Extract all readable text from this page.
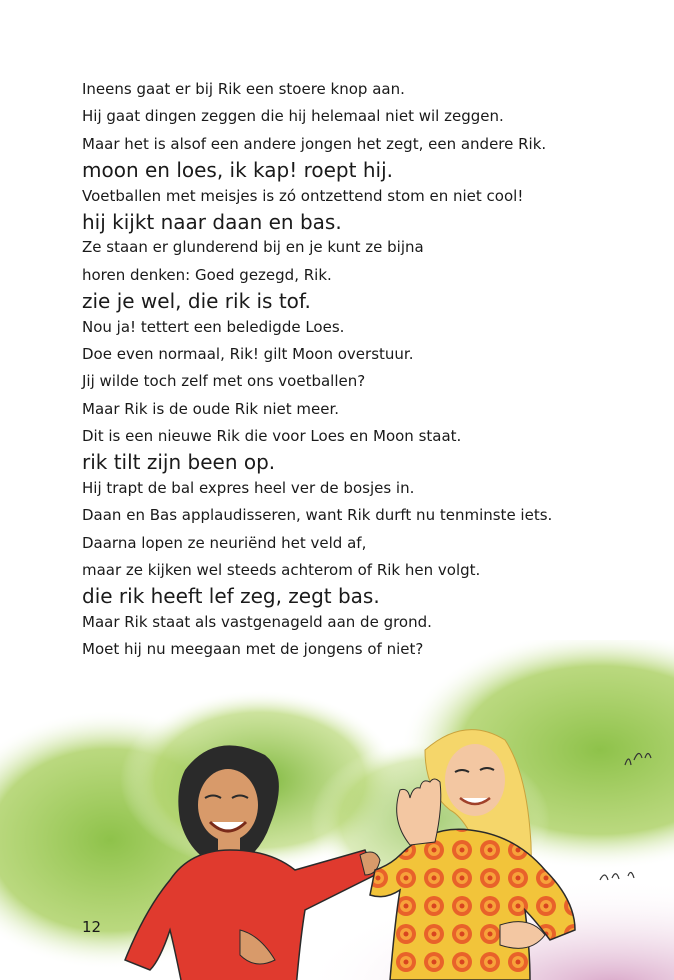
Ineens gaat er bij Rik een stoere knop aan.
Hij gaat dingen zeggen die hij helemaal niet wil zeggen.
Maar het is alsof een andere jongen het zegt, een andere Rik.
moon en loes, ik kap! roept hij.
Voetballen met meisjes is zó ontzettend stom en niet cool!
hij kijkt naar daan en bas.
Ze staan er glunderend bij en je kunt ze bijna
horen denken: Goed gezegd, Rik.
zie je wel, die rik is tof.
Nou ja! tettert een beledigde Loes.
Doe even normaal, Rik! gilt Moon overstuur.
Jij wilde toch zelf met ons voetballen?
Maar Rik is de oude Rik niet meer.
Dit is een nieuwe Rik die voor Loes en Moon staat.
rik tilt zijn been op.
Hij trapt de bal expres heel ver de bosjes in.
Daan en Bas applaudisseren, want Rik durft nu tenminste iets.
Daarna lopen ze neuriënd het veld af,
maar ze kijken wel steeds achterom of Rik hen volgt.
die rik heeft lef zeg, zegt bas.
Maar Rik staat als vastgenageld aan de grond.
Moet hij nu meegaan met de jongens of niet?
12
